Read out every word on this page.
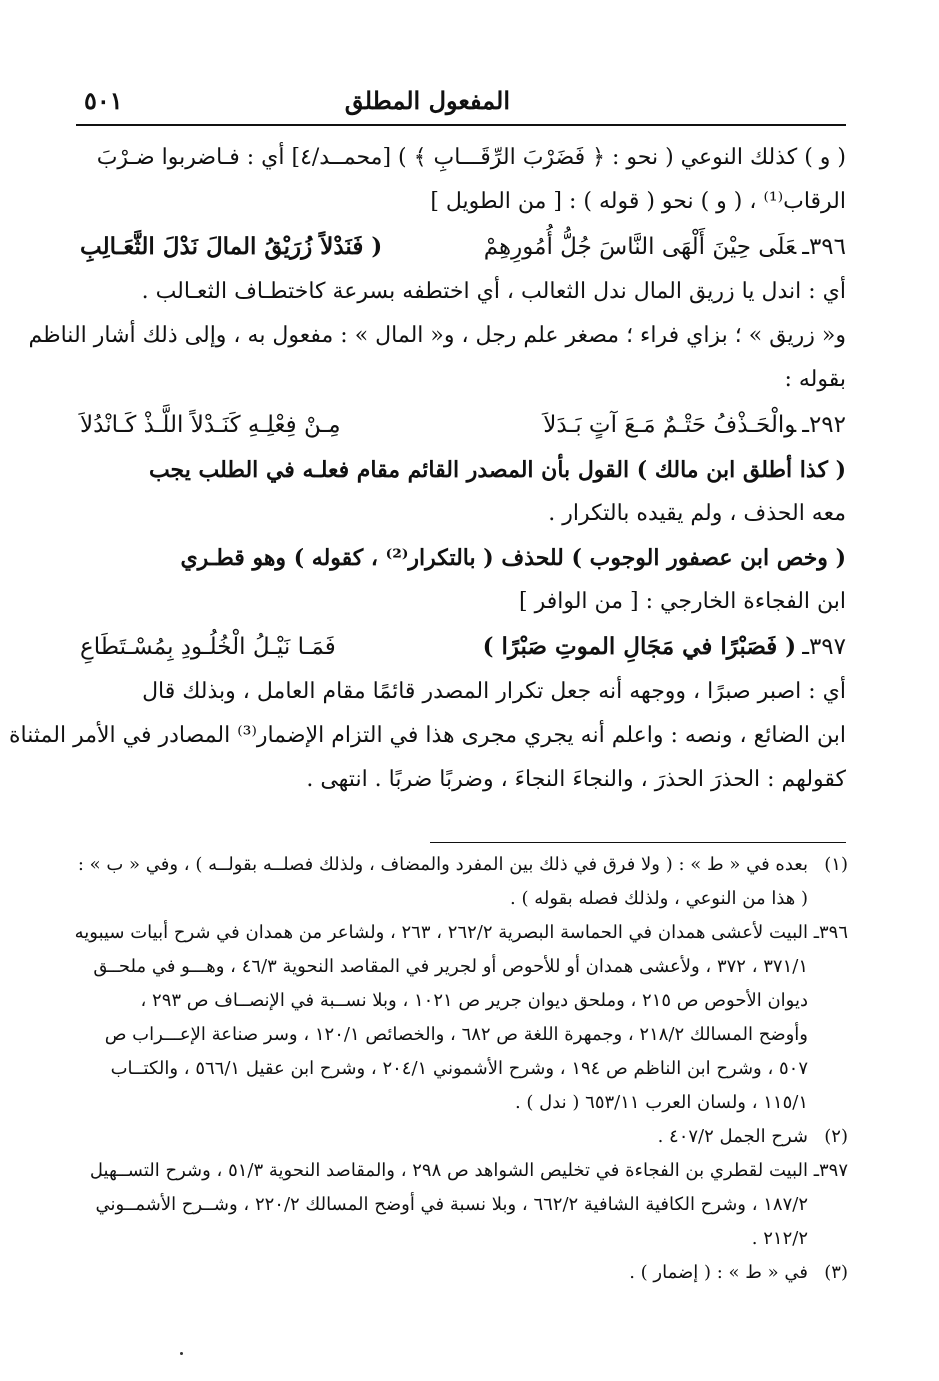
المفعول المطلق
٥٠١
( و ) كذلك النوعي ( نحو : ﴿ فَضَرْبَ الرِّقَـــابِ ﴾ ) [محمــد/٤] أي : فـاضربوا ضـرْبَ
الرقاب⁽¹⁾ ، ( و ) نحو ( قوله ) : [ من الطويل ]
٣٩٦ـعَلَى حِيْنَ أَلْهَى النَّاسَ جُلُّ أُمُورِهِمْ
( فَنَدْلاً زُرَيْقُ المالَ نَدْلَ الثَّعَـالِبِ
أي : اندل يا زريق المال ندل الثعالب ، أي اختطفه بسرعة كاختطـاف الثعـالب .
و« زريق » ؛ بزاي فراء ؛ مصغر علم رجل ، و« المال » : مفعول به ، وإلى ذلك أشار الناظم
بقوله :
٢٩٢ـوالْحَـذْفُ حَتْـمٌ مَـعَ آتٍ بَـدَلاَ
مِـنْ فِعْلِـهِ كَنَـدْلاً اللَّـذْ كَـانْدُلاَ
( كذا أطلق ابن مالك ) القول بأن المصدر القائم مقام فعلـه في الطلب يجب
معه الحذف ، ولم يقيده بالتكرار .
( وخص ابن عصفور الوجوب ) للحذف ( بالتكرار⁽²⁾ ، كقوله ) وهو قطـري
ابن الفجاءة الخارجي : [ من الوافر ]
٣٩٧ـ( فَصَبْرًا في مَجَالِ الموتِ صَبْرًا )
فَمَـا نَيْـلُ الْخُلُـودِ بِمُسْـتَطَاعِ
أي : اصبر صبرًا ، ووجهه أنه جعل تكرار المصدر قائمًا مقام العامل ، وبذلك قال
ابن الضائع ، ونصه : واعلم أنه يجري مجرى هذا في التزام الإضمار⁽³⁾ المصادر في الأمر المثناة
كقولهم : الحذرَ الحذرَ ، والنجاءَ النجاءَ ، وضربًا ضربًا . انتهى .
(١)بعده في « ط » : ( ولا فرق في ذلك بين المفرد والمضاف ، ولذلك فصلــه بقولــه ) ، وفي « ب » :
( هذا من النوعي ، ولذلك فصله بقوله ) .
٣٩٦ـ البيت لأعشى همدان في الحماسة البصرية ٢٦٢/٢ ، ٢٦٣ ، ولشاعر من همدان في شرح أبيات سيبويه
٣٧١/١ ، ٣٧٢ ، ولأعشى همدان أو للأحوص أو لجرير في المقاصد النحوية ٤٦/٣ ، وهـــو في ملحــق
ديوان الأحوص ص ٢١٥ ، وملحق ديوان جرير ص ١٠٢١ ، وبلا نســبة في الإنصــاف ص ٢٩٣ ،
وأوضح المسالك ٢١٨/٢ ، وجمهرة اللغة ص ٦٨٢ ، والخصائص ١٢٠/١ ، وسر صناعة الإعـــراب ص
٥٠٧ ، وشرح ابن الناظم ص ١٩٤ ، وشرح الأشموني ٢٠٤/١ ، وشرح ابن عقيل ٥٦٦/١ ، والكتــاب
١١٥/١ ، ولسان العرب ٦٥٣/١١ ( ندل ) .
(٢)شرح الجمل ٤٠٧/٢ .
٣٩٧ـ البيت لقطري بن الفجاءة في تخليص الشواهد ص ٢٩٨ ، والمقاصد النحوية ٥١/٣ ، وشرح التســهيل
١٨٧/٢ ، وشرح الكافية الشافية ٦٦٢/٢ ، وبلا نسبة في أوضح المسالك ٢٢٠/٢ ، وشــرح الأشمــوني
٢١٢/٢ .
(٣)في « ط » : ( إضمار ) .
